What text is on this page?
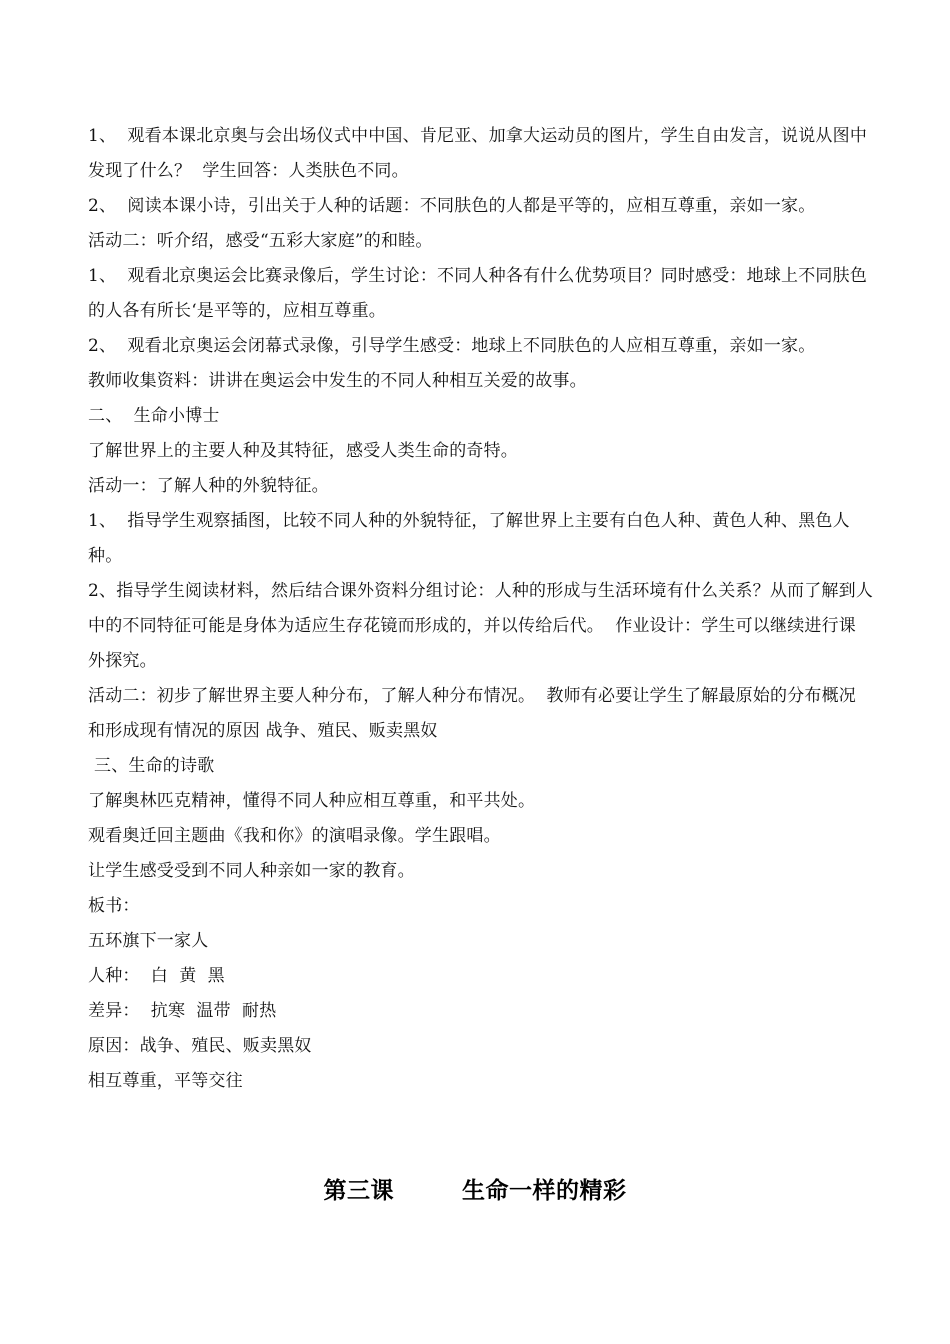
1、  观看本课北京奥与会出场仪式中中国、肯尼亚、加拿大运动员的图片，学生自由发言，说说从图中发现了什么？  学生回答：人类肤色不同。

2、  阅读本课小诗，引出关于人种的话题：不同肤色的人都是平等的，应相互尊重，亲如一家。

活动二：听介绍，感受“五彩大家庭”的和睦。

1、  观看北京奥运会比赛录像后，学生讨论：不同人种各有什么优势项目？同时感受：地球上不同肤色的人各有所长‘是平等的，应相互尊重。

2、  观看北京奥运会闭幕式录像，引导学生感受：地球上不同肤色的人应相互尊重，亲如一家。

教师收集资料：讲讲在奥运会中发生的不同人种相互关爱的故事。

二、  生命小博士

了解世界上的主要人种及其特征，感受人类生命的奇特。

活动一：了解人种的外貌特征。

1、  指导学生观察插图，比较不同人种的外貌特征，了解世界上主要有白色人种、黄色人种、黑色人种。

2、指导学生阅读材料，然后结合课外资料分组讨论：人种的形成与生活环境有什么关系？从而了解到人中的不同特征可能是身体为适应生存花镜而形成的，并以传给后代。  作业设计：学生可以继续进行课外探究。

活动二：初步了解世界主要人种分布，了解人种分布情况。  教师有必要让学生了解最原始的分布概况和形成现有情况的原因 战争、殖民、贩卖黑奴

三、生命的诗歌

了解奥林匹克精神，懂得不同人种应相互尊重，和平共处。

观看奥迁回主题曲《我和你》的演唱录像。学生跟唱。

让学生感受受到不同人种亲如一家的教育。

板书：

五环旗下一家人

人种：  白  黄  黑

差异：  抗寒  温带  耐热

原因：战争、殖民、贩卖黑奴

相互尊重，平等交往

第三课        生命一样的精彩
